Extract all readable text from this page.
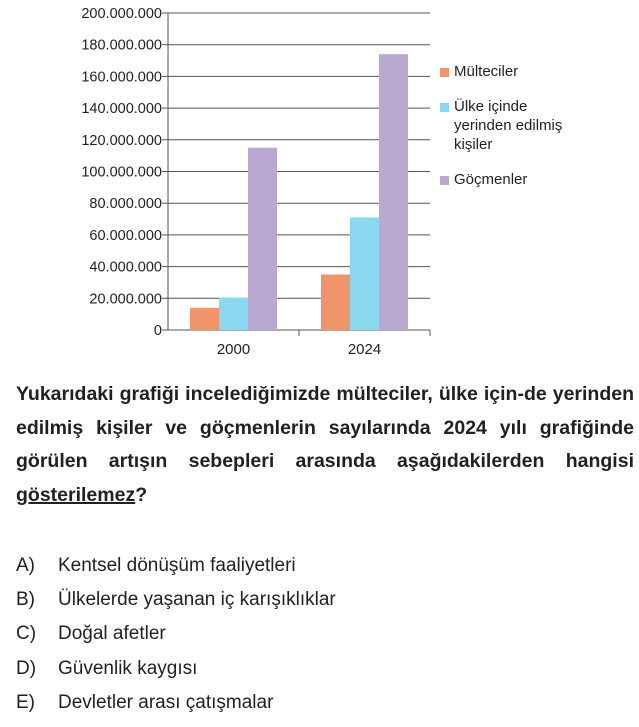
0
20.000.000
40.000.000
60.000.000
80.000.000
100.000.000
120.000.000
140.000.000
160.000.000
180.000.000
200.000.000
2000	2024
Mülteciler
Ülke içinde
yerinden edilmiş
kişiler
Göçmenler
Yukarıdaki grafiği incelediğimizde mülteciler, ülke için-de yerinden edilmiş kişiler ve göçmenlerin sayılarında 2024 yılı grafiğinde görülen artışın sebepleri arasında aşağıdakilerden hangisi gösterilemez?
A) Kentsel dönüşüm faaliyetleri
B) Ülkelerde yaşanan iç karışıklıklar
C) Doğal afetler
D) Güvenlik kaygısı
E) Devletler arası çatışmalar
